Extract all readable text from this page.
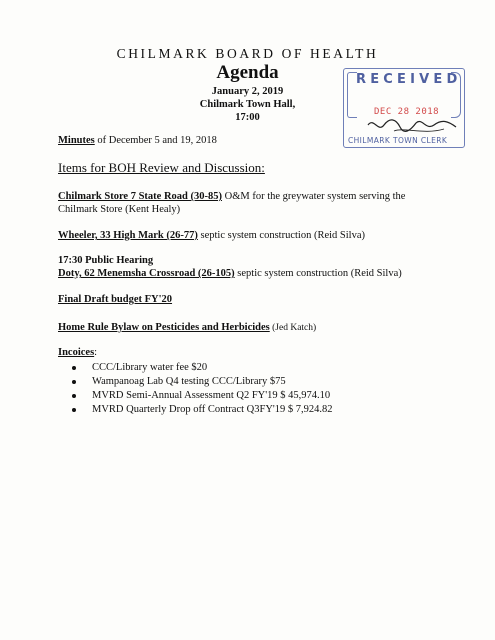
CHILMARK BOARD OF HEALTH
Agenda
January 2, 2019
Chilmark Town Hall,
17:00
RECEIVED
DEC 28 2018
CHILMARK TOWN CLERK
Minutes of December 5 and 19, 2018
Items for BOH Review and Discussion:
Chilmark Store 7 State Road (30-85) O&M for the greywater system serving the Chilmark Store (Kent Healy)
Wheeler, 33 High Mark (26-77) septic system construction (Reid Silva)
17:30 Public Hearing
Doty, 62 Menemsha Crossroad (26-105) septic system construction (Reid Silva)
Final Draft budget FY'20
Home Rule Bylaw on Pesticides and Herbicides (Jed Katch)
Incoices:
CCC/Library water fee $20
Wampanoag Lab Q4 testing CCC/Library $75
MVRD Semi-Annual Assessment Q2 FY'19 $ 45,974.10
MVRD Quarterly Drop off Contract Q3FY'19 $ 7,924.82
